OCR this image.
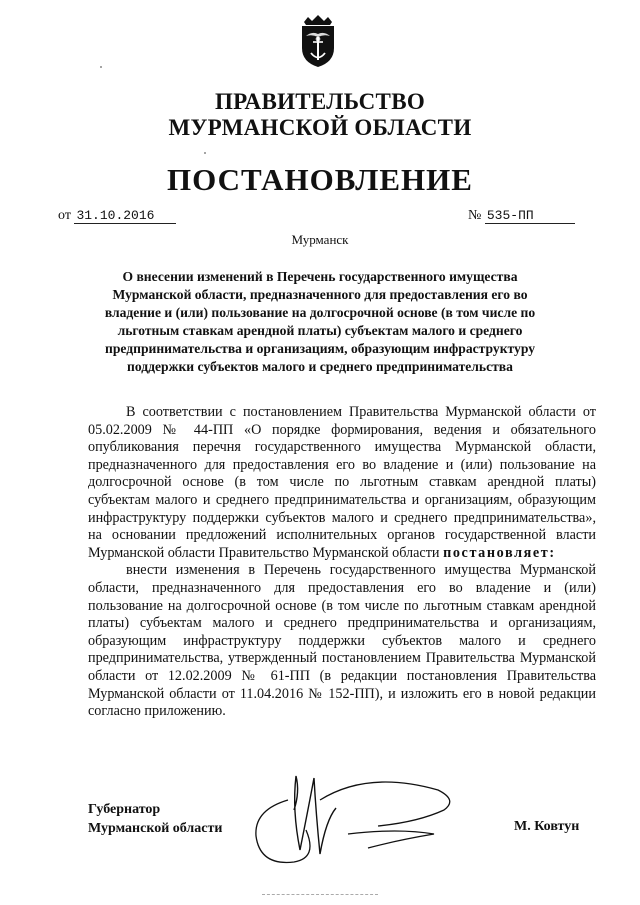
ПРАВИТЕЛЬСТВО
МУРМАНСКОЙ ОБЛАСТИ
ПОСТАНОВЛЕНИЕ
от 31.10.2016	№ 535-ПП
Мурманск
О внесении изменений в Перечень государственного имущества Мурманской области, предназначенного для предоставления его во владение и (или) пользование на долгосрочной основе (в том числе по льготным ставкам арендной платы) субъектам малого и среднего предпринимательства и организациям, образующим инфраструктуру поддержки субъектов малого и среднего предпринимательства

В соответствии с постановлением Правительства Мурманской области от 05.02.2009 № 44-ПП «О порядке формирования, ведения и обязательного опубликования перечня государственного имущества Мурманской области, предназначенного для предоставления его во владение и (или) пользование на долгосрочной основе (в том числе по льготным ставкам арендной платы) субъектам малого и среднего предпринимательства и организациям, образующим инфраструктуру поддержки субъектов малого и среднего предпринимательства», на основании предложений исполнительных органов государственной власти Мурманской области Правительство Мурманской области постановляет:

внести изменения в Перечень государственного имущества Мурманской области, предназначенного для предоставления его во владение и (или) пользование на долгосрочной основе (в том числе по льготным ставкам арендной платы) субъектам малого и среднего предпринимательства и организациям, образующим инфраструктуру поддержки субъектов малого и среднего предпринимательства, утвержденный постановлением Правительства Мурманской области от 12.02.2009 № 61-ПП (в редакции постановления Правительства Мурманской области от 11.04.2016 № 152-ПП), и изложить его в новой редакции согласно приложению.

Губернатор
Мурманской области	М. Ковтун
